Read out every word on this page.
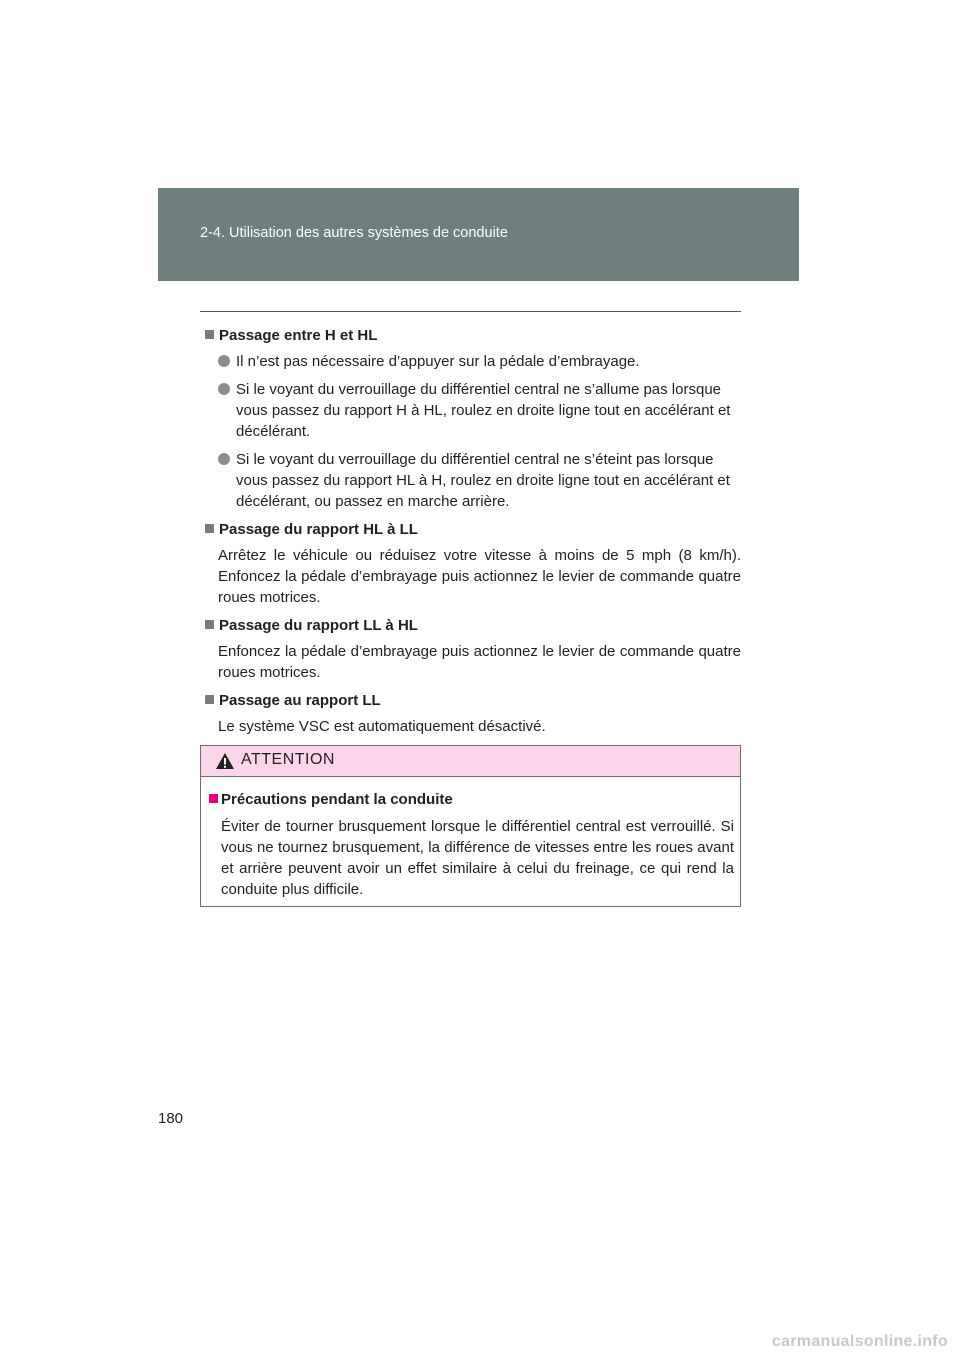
2-4. Utilisation des autres systèmes de conduite
Passage entre H et HL
Il n’est pas nécessaire d’appuyer sur la pédale d’embrayage.
Si le voyant du verrouillage du différentiel central ne s’allume pas lorsque vous passez du rapport H à HL, roulez en droite ligne tout en accélérant et décélérant.
Si le voyant du verrouillage du différentiel central ne s’éteint pas lorsque vous passez du rapport HL à H, roulez en droite ligne tout en accélérant et décélérant, ou passez en marche arrière.
Passage du rapport HL à LL
Arrêtez le véhicule ou réduisez votre vitesse à moins de 5 mph (8 km/h). Enfoncez la pédale d’embrayage puis actionnez le levier de commande quatre roues motrices.
Passage du rapport LL à HL
Enfoncez la pédale d’embrayage puis actionnez le levier de commande quatre roues motrices.
Passage au rapport LL
Le système VSC est automatiquement désactivé.
ATTENTION
Précautions pendant la conduite
Éviter de tourner brusquement lorsque le différentiel central est verrouillé. Si vous ne tournez brusquement, la différence de vitesses entre les roues avant et arrière peuvent avoir un effet similaire à celui du freinage, ce qui rend la conduite plus difficile.
180
carmanualsonline.info
